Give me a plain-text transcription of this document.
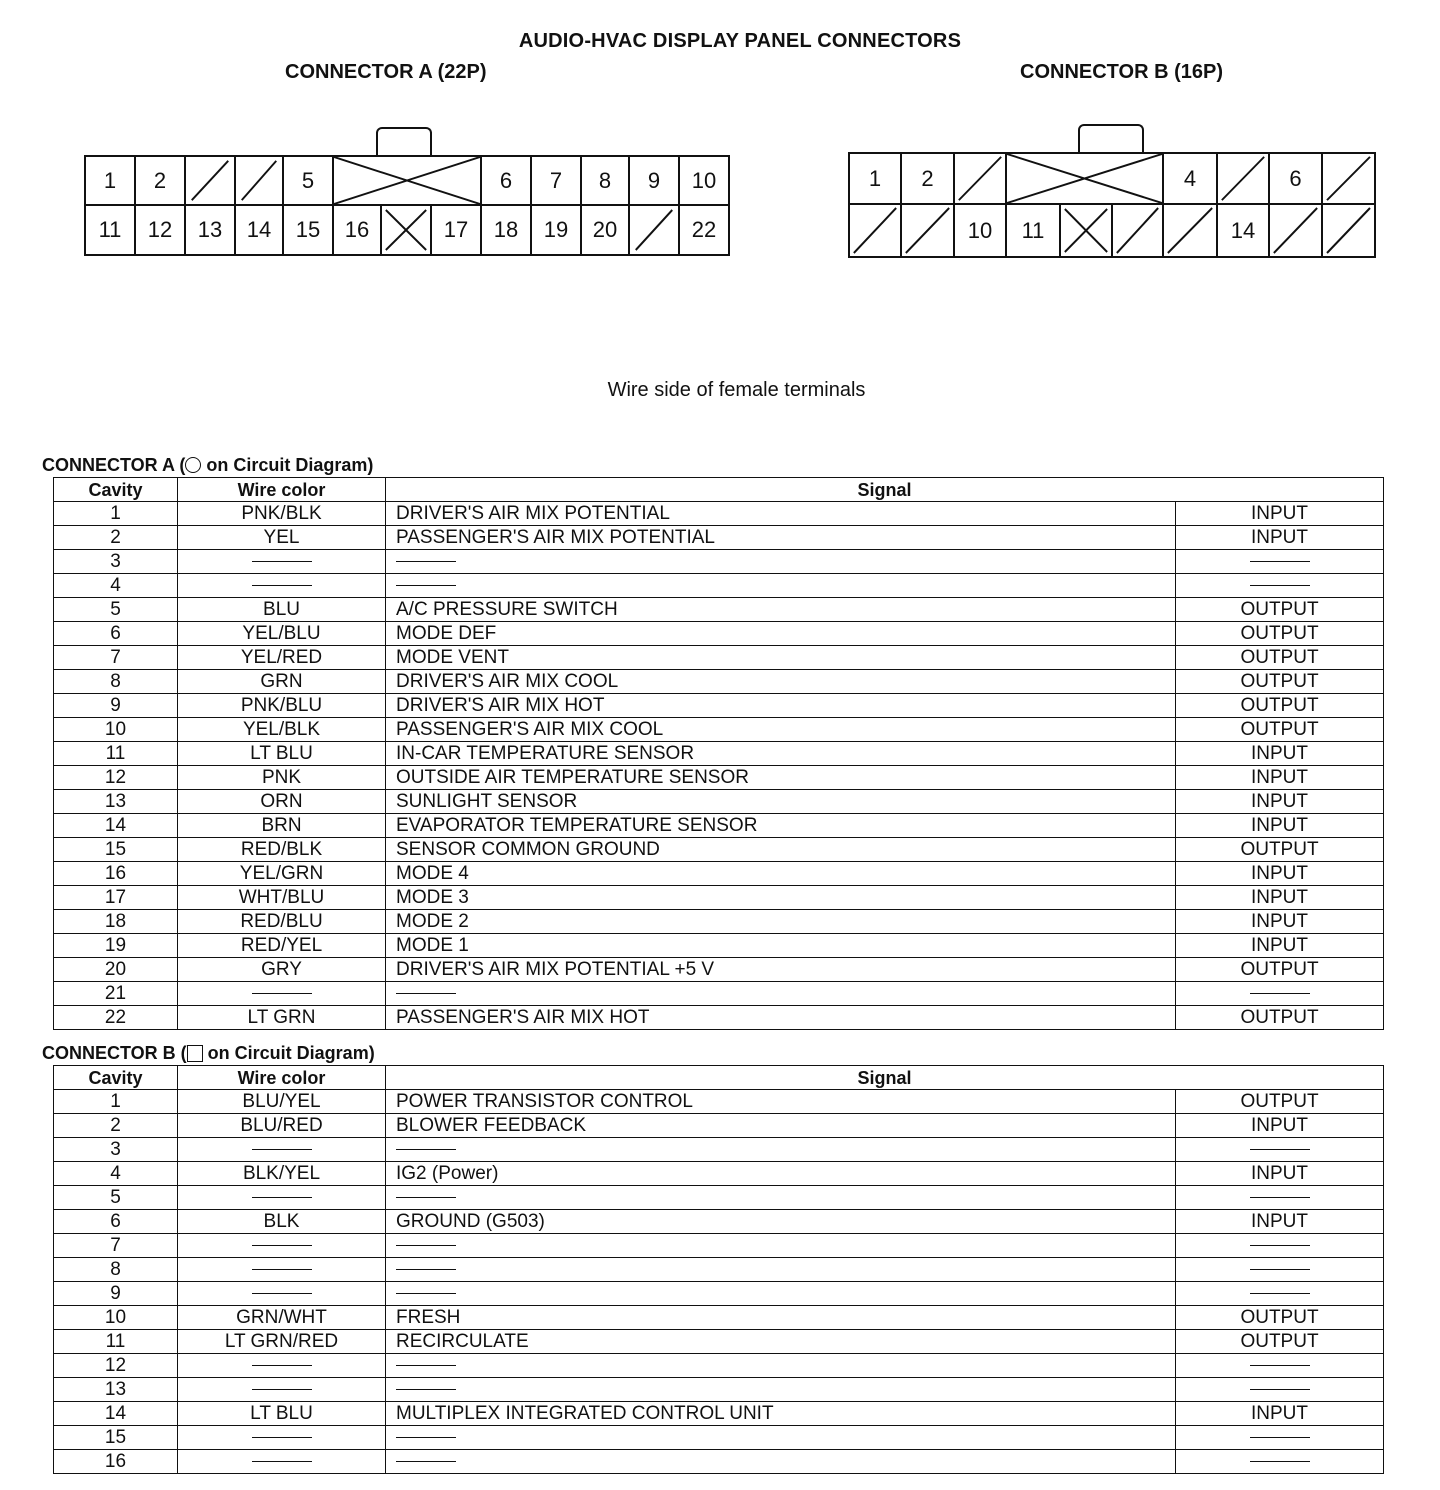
AUDIO-HVAC DISPLAY PANEL CONNECTORS
CONNECTOR A (22P)	CONNECTOR B (16P)
1	2	5	6	7	8	9	10
11	12	13	14	15	16	17	18	19	20	22
1	2	4	6
10	11	14
Wire side of female terminals
CONNECTOR A ( on Circuit Diagram)
Cavity	Wire color	Signal	
1	PNK/BLK	DRIVER'S AIR MIX POTENTIAL	INPUT
2	YEL	PASSENGER'S AIR MIX POTENTIAL	INPUT
3			
4			
5	BLU	A/C PRESSURE SWITCH	OUTPUT
6	YEL/BLU	MODE DEF	OUTPUT
7	YEL/RED	MODE VENT	OUTPUT
8	GRN	DRIVER'S AIR MIX COOL	OUTPUT
9	PNK/BLU	DRIVER'S AIR MIX HOT	OUTPUT
10	YEL/BLK	PASSENGER'S AIR MIX COOL	OUTPUT
11	LT BLU	IN-CAR TEMPERATURE SENSOR	INPUT
12	PNK	OUTSIDE AIR TEMPERATURE SENSOR	INPUT
13	ORN	SUNLIGHT SENSOR	INPUT
14	BRN	EVAPORATOR TEMPERATURE SENSOR	INPUT
15	RED/BLK	SENSOR COMMON GROUND	OUTPUT
16	YEL/GRN	MODE 4	INPUT
17	WHT/BLU	MODE 3	INPUT
18	RED/BLU	MODE 2	INPUT
19	RED/YEL	MODE 1	INPUT
20	GRY	DRIVER'S AIR MIX POTENTIAL +5 V	OUTPUT
21			
22	LT GRN	PASSENGER'S AIR MIX HOT	OUTPUT
CONNECTOR B ( on Circuit Diagram)
Cavity	Wire color	Signal	
1	BLU/YEL	POWER TRANSISTOR CONTROL	OUTPUT
2	BLU/RED	BLOWER FEEDBACK	INPUT
3			
4	BLK/YEL	IG2 (Power)	INPUT
5			
6	BLK	GROUND (G503)	INPUT
7			
8			
9			
10	GRN/WHT	FRESH	OUTPUT
11	LT GRN/RED	RECIRCULATE	OUTPUT
12			
13			
14	LT BLU	MULTIPLEX INTEGRATED CONTROL UNIT	INPUT
15			
16			
